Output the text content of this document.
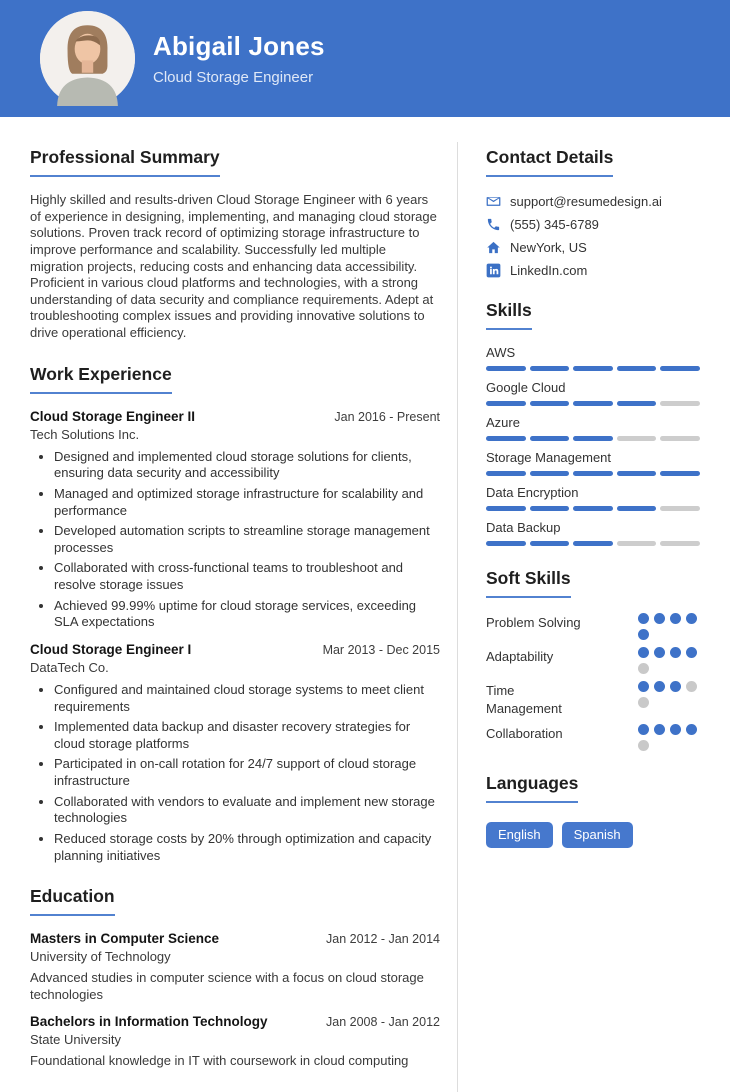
Abigail Jones
Cloud Storage Engineer
Professional Summary

Highly skilled and results-driven Cloud Storage Engineer with 6 years of experience in designing, implementing, and managing cloud storage solutions. Proven track record of optimizing storage infrastructure to improve performance and scalability. Successfully led multiple migration projects, reducing costs and enhancing data accessibility. Proficient in various cloud platforms and technologies, with a strong understanding of data security and compliance requirements. Adept at troubleshooting complex issues and providing innovative solutions to drive operational efficiency.

Work Experience
Cloud Storage Engineer II
Tech Solutions Inc.
Jan 2016 - Present
• Designed and implemented cloud storage solutions for clients, ensuring data security and accessibility
• Managed and optimized storage infrastructure for scalability and performance
• Developed automation scripts to streamline storage management processes
• Collaborated with cross-functional teams to troubleshoot and resolve storage issues
• Achieved 99.99% uptime for cloud storage services, exceeding SLA expectations
Cloud Storage Engineer I
DataTech Co.
Mar 2013 - Dec 2015
• Configured and maintained cloud storage systems to meet client requirements
• Implemented data backup and disaster recovery strategies for cloud storage platforms
• Participated in on-call rotation for 24/7 support of cloud storage infrastructure
• Collaborated with vendors to evaluate and implement new storage technologies
• Reduced storage costs by 20% through optimization and capacity planning initiatives
Education
Masters in Computer Science
University of Technology
Jan 2012 - Jan 2014

Advanced studies in computer science with a focus on cloud storage technologies

Bachelors in Information Technology
State University
Jan 2008 - Jan 2012

Foundational knowledge in IT with coursework in cloud computing

Contact Details
support@resumedesign.ai
(555) 345-6789
NewYork, US
LinkedIn.com
Skills
AWS
Google Cloud
Azure
Storage Management
Data Encryption
Data Backup
Soft Skills
Problem Solving
Adaptability
Time Management
Collaboration
Languages
English	Spanish
